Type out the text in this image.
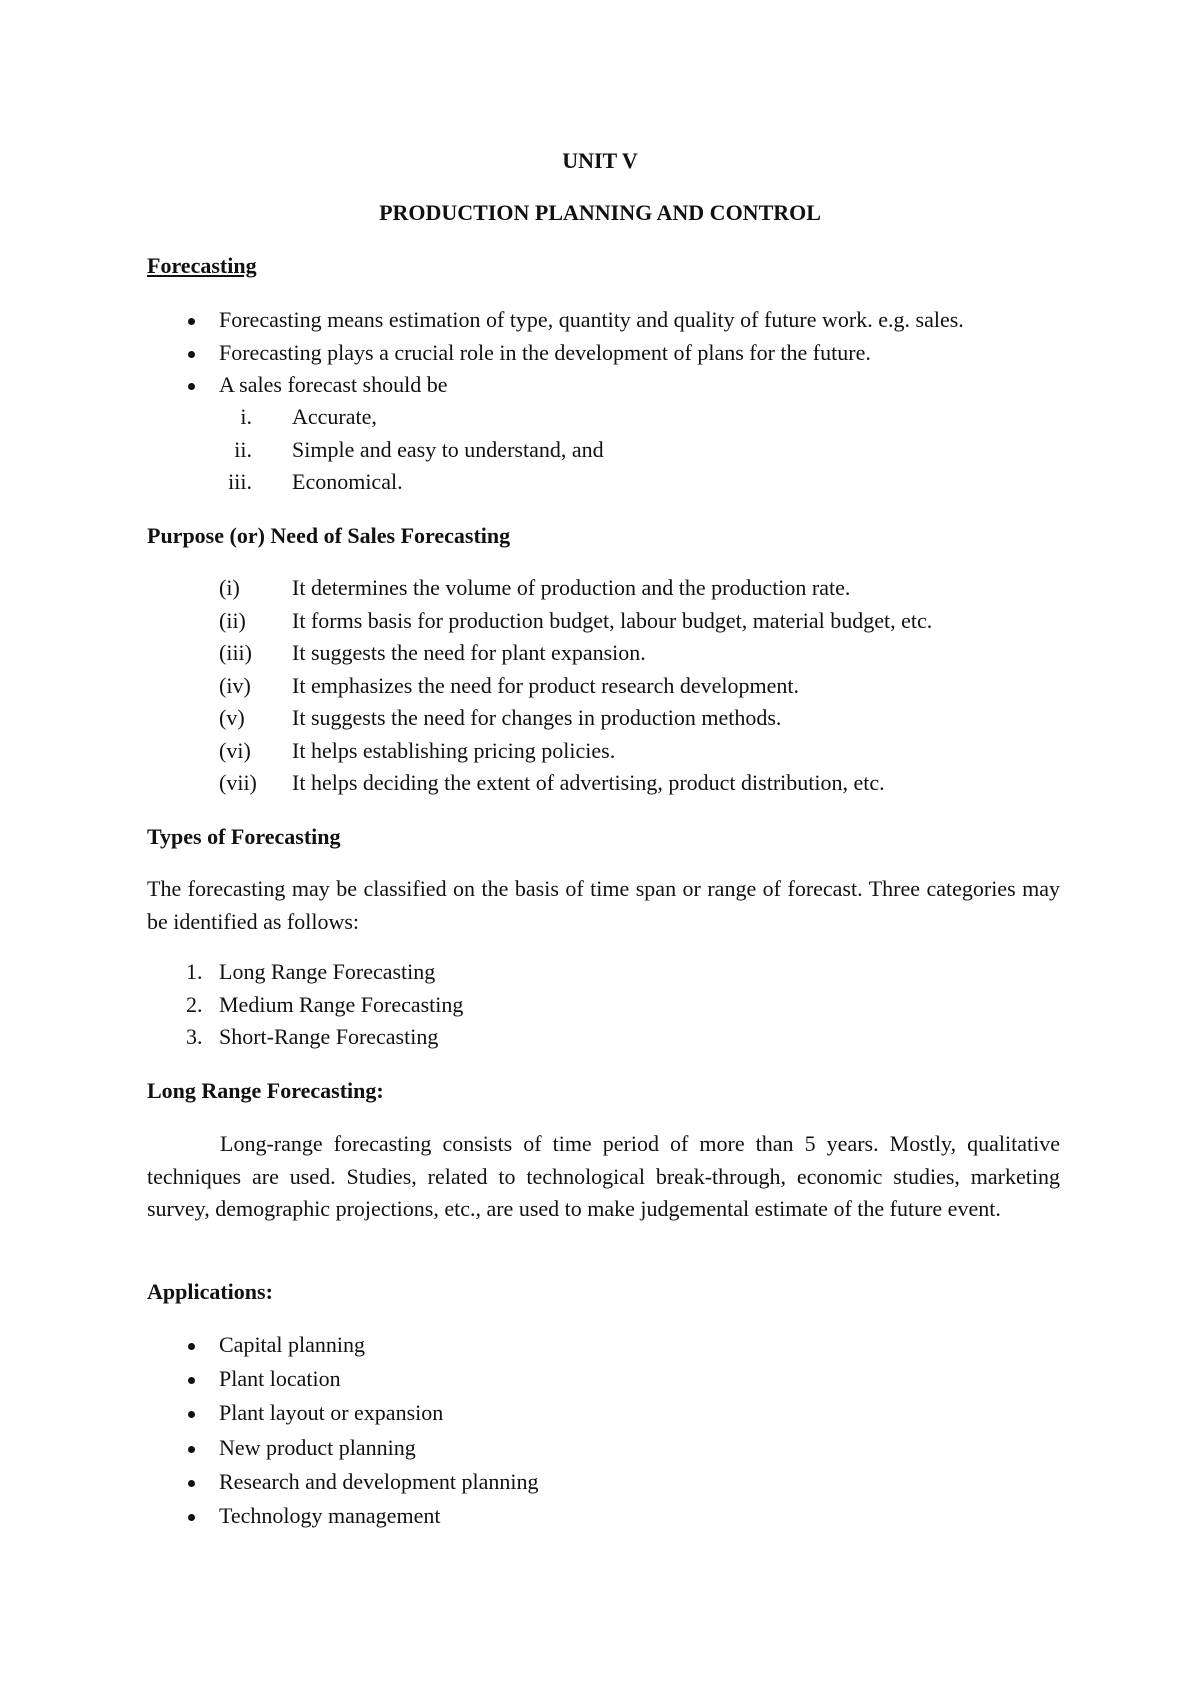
UNIT V
PRODUCTION PLANNING AND CONTROL
Forecasting
Forecasting means estimation of type, quantity and quality of future work. e.g. sales.
Forecasting plays a crucial role in the development of plans for the future.
A sales forecast should be
i. Accurate,
ii. Simple and easy to understand, and
iii. Economical.
Purpose (or) Need of Sales Forecasting
(i) It determines the volume of production and the production rate.
(ii) It forms basis for production budget, labour budget, material budget, etc.
(iii) It suggests the need for plant expansion.
(iv) It emphasizes the need for product research development.
(v) It suggests the need for changes in production methods.
(vi) It helps establishing pricing policies.
(vii) It helps deciding the extent of advertising, product distribution, etc.
Types of Forecasting
The forecasting may be classified on the basis of time span or range of forecast. Three categories may be identified as follows:
1. Long Range Forecasting
2. Medium Range Forecasting
3. Short-Range Forecasting
Long Range Forecasting:
Long-range forecasting consists of time period of more than 5 years. Mostly, qualitative techniques are used. Studies, related to technological break-through, economic studies, marketing survey, demographic projections, etc., are used to make judgemental estimate of the future event.
Applications:
Capital planning
Plant location
Plant layout or expansion
New product planning
Research and development planning
Technology management
